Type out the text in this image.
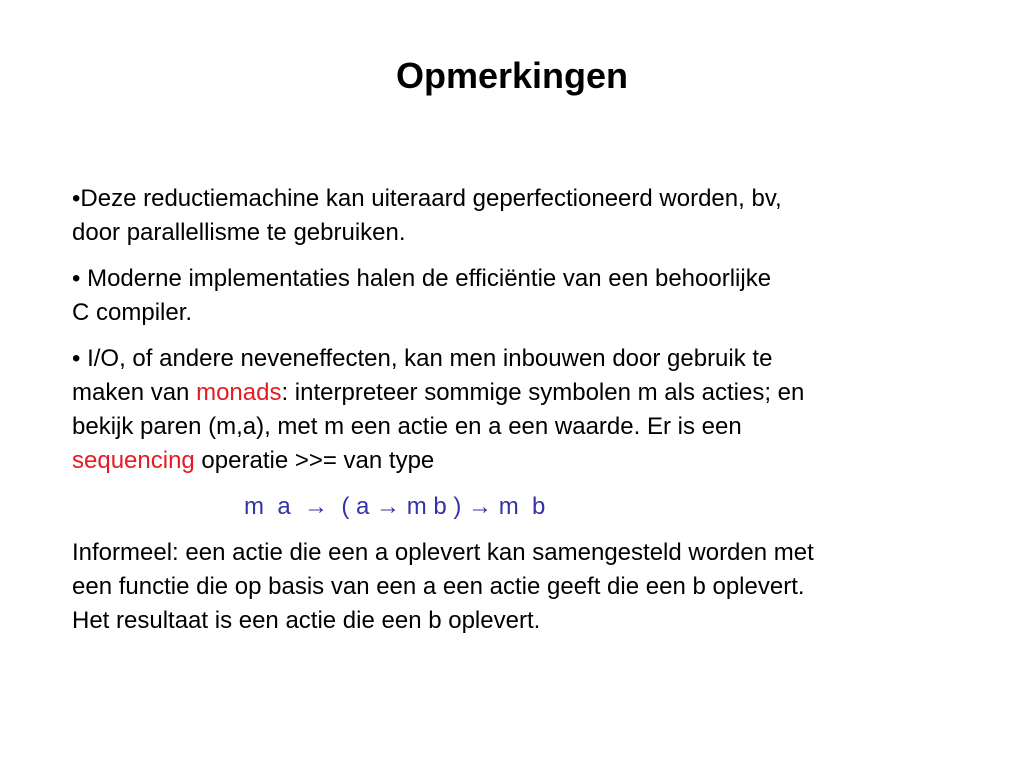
Opmerkingen

•Deze reductiemachine kan uiteraard geperfectioneerd worden, bv,
door parallellisme te gebruiken.

• Moderne implementaties halen de efficiëntie van een behoorlijke
C compiler.

• I/O, of andere neveneffecten, kan men inbouwen door gebruik te
maken van monads: interpreteer sommige symbolen m als acties; en
bekijk paren (m,a), met m een actie en a een waarde. Er is een
sequencing operatie >>= van type

m  a  →  ( a → m b ) → m  b

Informeel: een actie die een a oplevert kan samengesteld worden met
een functie die op basis van een a een actie geeft die een b oplevert.
Het resultaat is een actie die een b oplevert.
